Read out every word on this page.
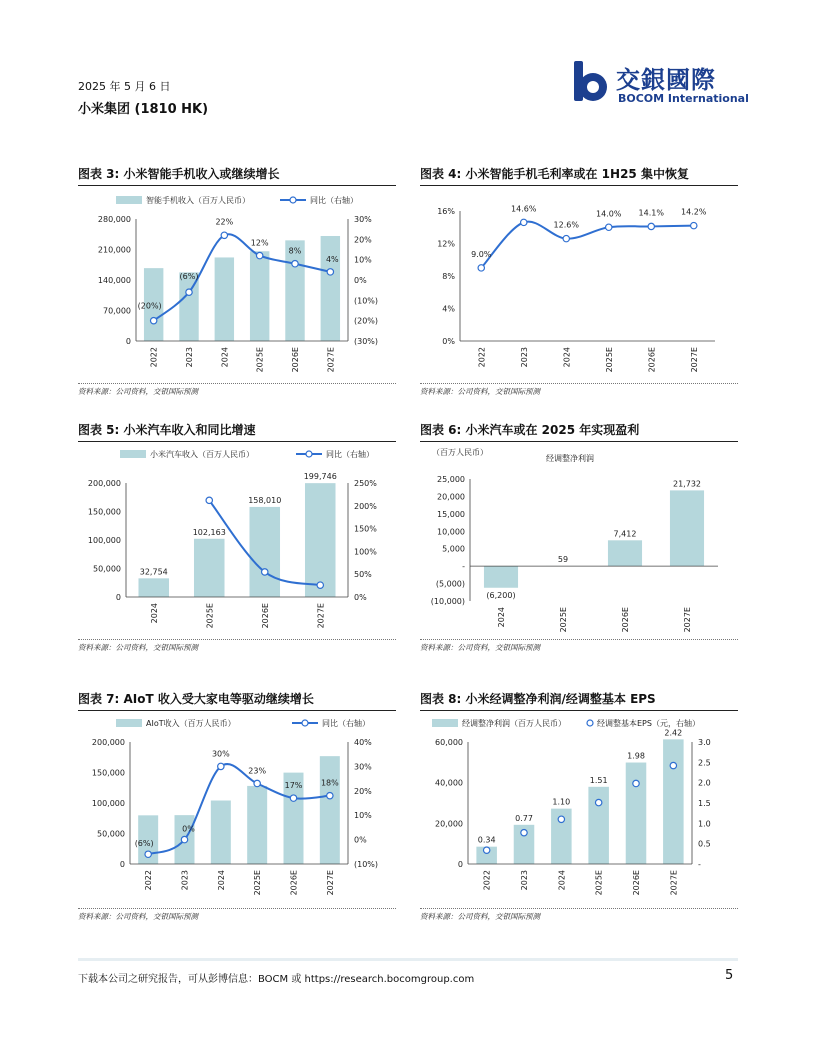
2025 年 5 月 6 日
小米集团 (1810 HK)
交銀國際
BOCOM International
图表 3: 小米智能手机收入或继续增长
智能手机收入（百万人民币）	同比（右轴）
0
70,000
140,000
210,000
280,000
(30%)
(20%)
(10%)
0%
10%
20%
30%
2022	2023	2024	2025E	2026E	2027E
(20%)
(6%)
22%
12%
8%
4%
资料来源：公司资料，交银国际预测
图表 4: 小米智能手机毛利率或在 1H25 集中恢复
0%
4%
8%
12%
16%
2022	2023	2024	2025E	2026E	2027E
9.0%
14.6%
12.6%
14.0% 14.1% 14.2%
资料来源：公司资料，交银国际预测
图表 5: 小米汽车收入和同比增速
小米汽车收入（百万人民币）	同比（右轴）
0
50,000
100,000
150,000
200,000
0%
50%
100%
150%
200%
250%
2024	2025E	2026E	2027E
32,754
102,163
158,010
199,746
资料来源：公司资料，交银国际预测
图表 6: 小米汽车或在 2025 年实现盈利
（百万人民币）
经调整净利润
(10,000)
(5,000)
-
5,000
10,000
15,000
20,000
25,000
2024	2025E	2026E	2027E
(6,200)
59
7,412
21,732
资料来源：公司资料，交银国际预测
图表 7: AIoT 收入受大家电等驱动继续增长
AIoT收入（百万人民币）	同比（右轴）
0
50,000
100,000
150,000
200,000
(10%)
0%
10%
20%
30%
40%
2022	2023	2024	2025E	2026E	2027E
(6%)
0%
30%
23%
17% 18%
资料来源：公司资料，交银国际预测
图表 8: 小米经调整净利润/经调整基本 EPS
经调整净利润（百万人民币）	经调整基本EPS（元，右轴）
0
20,000
40,000
60,000
-
0.5
1.0
1.5
2.0
2.5
3.0
2022	2023	2024	2025E	2026E	2027E
0.34
0.77
1.10
1.51
1.98
2.42
资料来源：公司资料，交银国际预测
下载本公司之研究报告，可从彭博信息：BOCM 或 https://research.bocomgroup.com	5
